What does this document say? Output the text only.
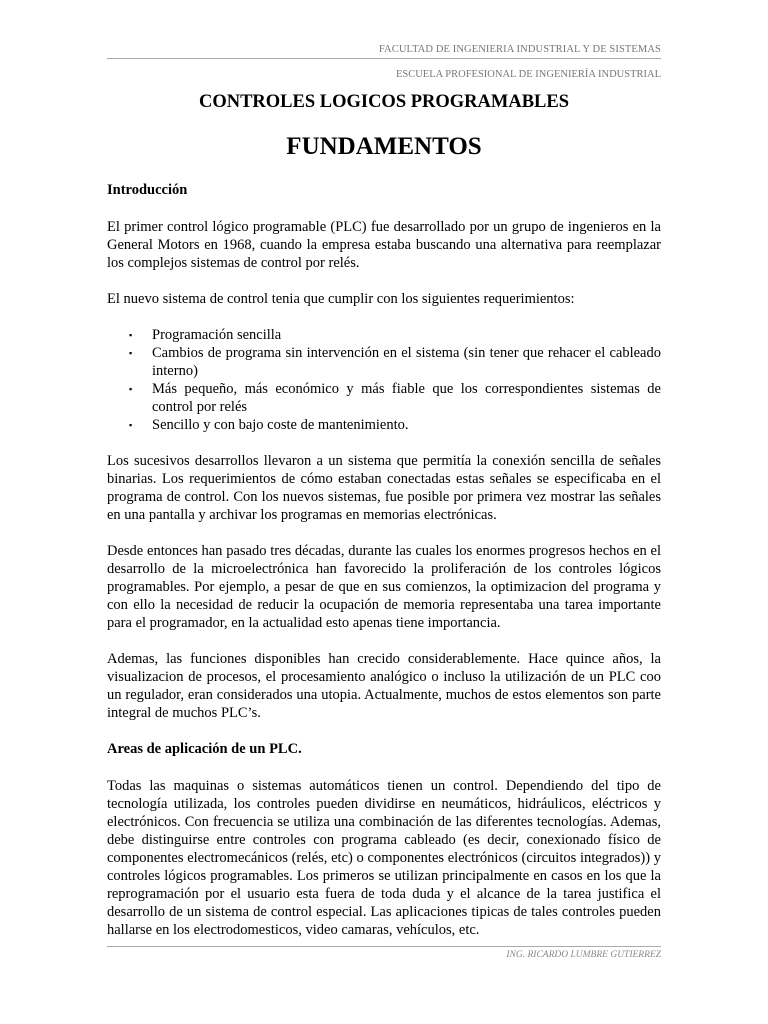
FACULTAD DE INGENIERIA INDUSTRIAL Y DE SISTEMAS
ESCUELA PROFESIONAL DE INGENIERÍA INDUSTRIAL
CONTROLES LOGICOS PROGRAMABLES
FUNDAMENTOS
Introducción
El primer control lógico programable (PLC) fue desarrollado por un grupo de ingenieros en la General Motors en 1968, cuando la empresa estaba buscando una alternativa para reemplazar los complejos sistemas de control por relés.
El nuevo sistema de control tenia que cumplir con los siguientes requerimientos:
▪ Programación sencilla
▪ Cambios de programa sin intervención en el sistema (sin tener que rehacer el cableado interno)
▪ Más pequeño, más económico y más fiable que los correspondientes sistemas de control por relés
▪ Sencillo y con bajo coste de mantenimiento.
Los sucesivos desarrollos llevaron a un sistema que permitía la conexión sencilla de señales binarias. Los requerimientos de cómo estaban conectadas estas señales se especificaba en el programa de control. Con los nuevos sistemas, fue posible por primera vez mostrar las señales en una pantalla y archivar los programas en memorias electrónicas.
Desde entonces han pasado tres décadas, durante las cuales los enormes progresos hechos en el desarrollo de la microelectrónica han favorecido la proliferación de los controles lógicos programables. Por ejemplo, a pesar de que en sus comienzos, la optimizacion del programa y con ello la necesidad de reducir la ocupación de memoria representaba una tarea importante para el programador, en la actualidad esto apenas tiene importancia.
Ademas, las funciones disponibles han crecido considerablemente. Hace quince años, la visualizacion de procesos, el procesamiento analógico o incluso la utilización de un PLC coo un regulador, eran considerados una utopia. Actualmente, muchos de estos elementos son parte integral de muchos PLC’s.
Areas de aplicación de un PLC.
Todas las maquinas o sistemas automáticos tienen un control. Dependiendo del tipo de tecnología utilizada, los controles pueden dividirse en neumáticos, hidráulicos, eléctricos y electrónicos. Con frecuencia se utiliza una combinación de las diferentes tecnologías. Ademas, debe distinguirse entre controles con programa cableado (es decir, conexionado físico de componentes electromecánicos (relés, etc) o componentes electrónicos (circuitos integrados)) y controles lógicos programables. Los primeros se utilizan principalmente en casos en los que la reprogramación por el usuario esta fuera de toda duda y el alcance de la tarea justifica el desarrollo de un sistema de control especial. Las aplicaciones tipicas de tales controles pueden hallarse en los electrodomesticos, video camaras, vehículos, etc.
ING. RICARDO LUMBRE GUTIERREZ
